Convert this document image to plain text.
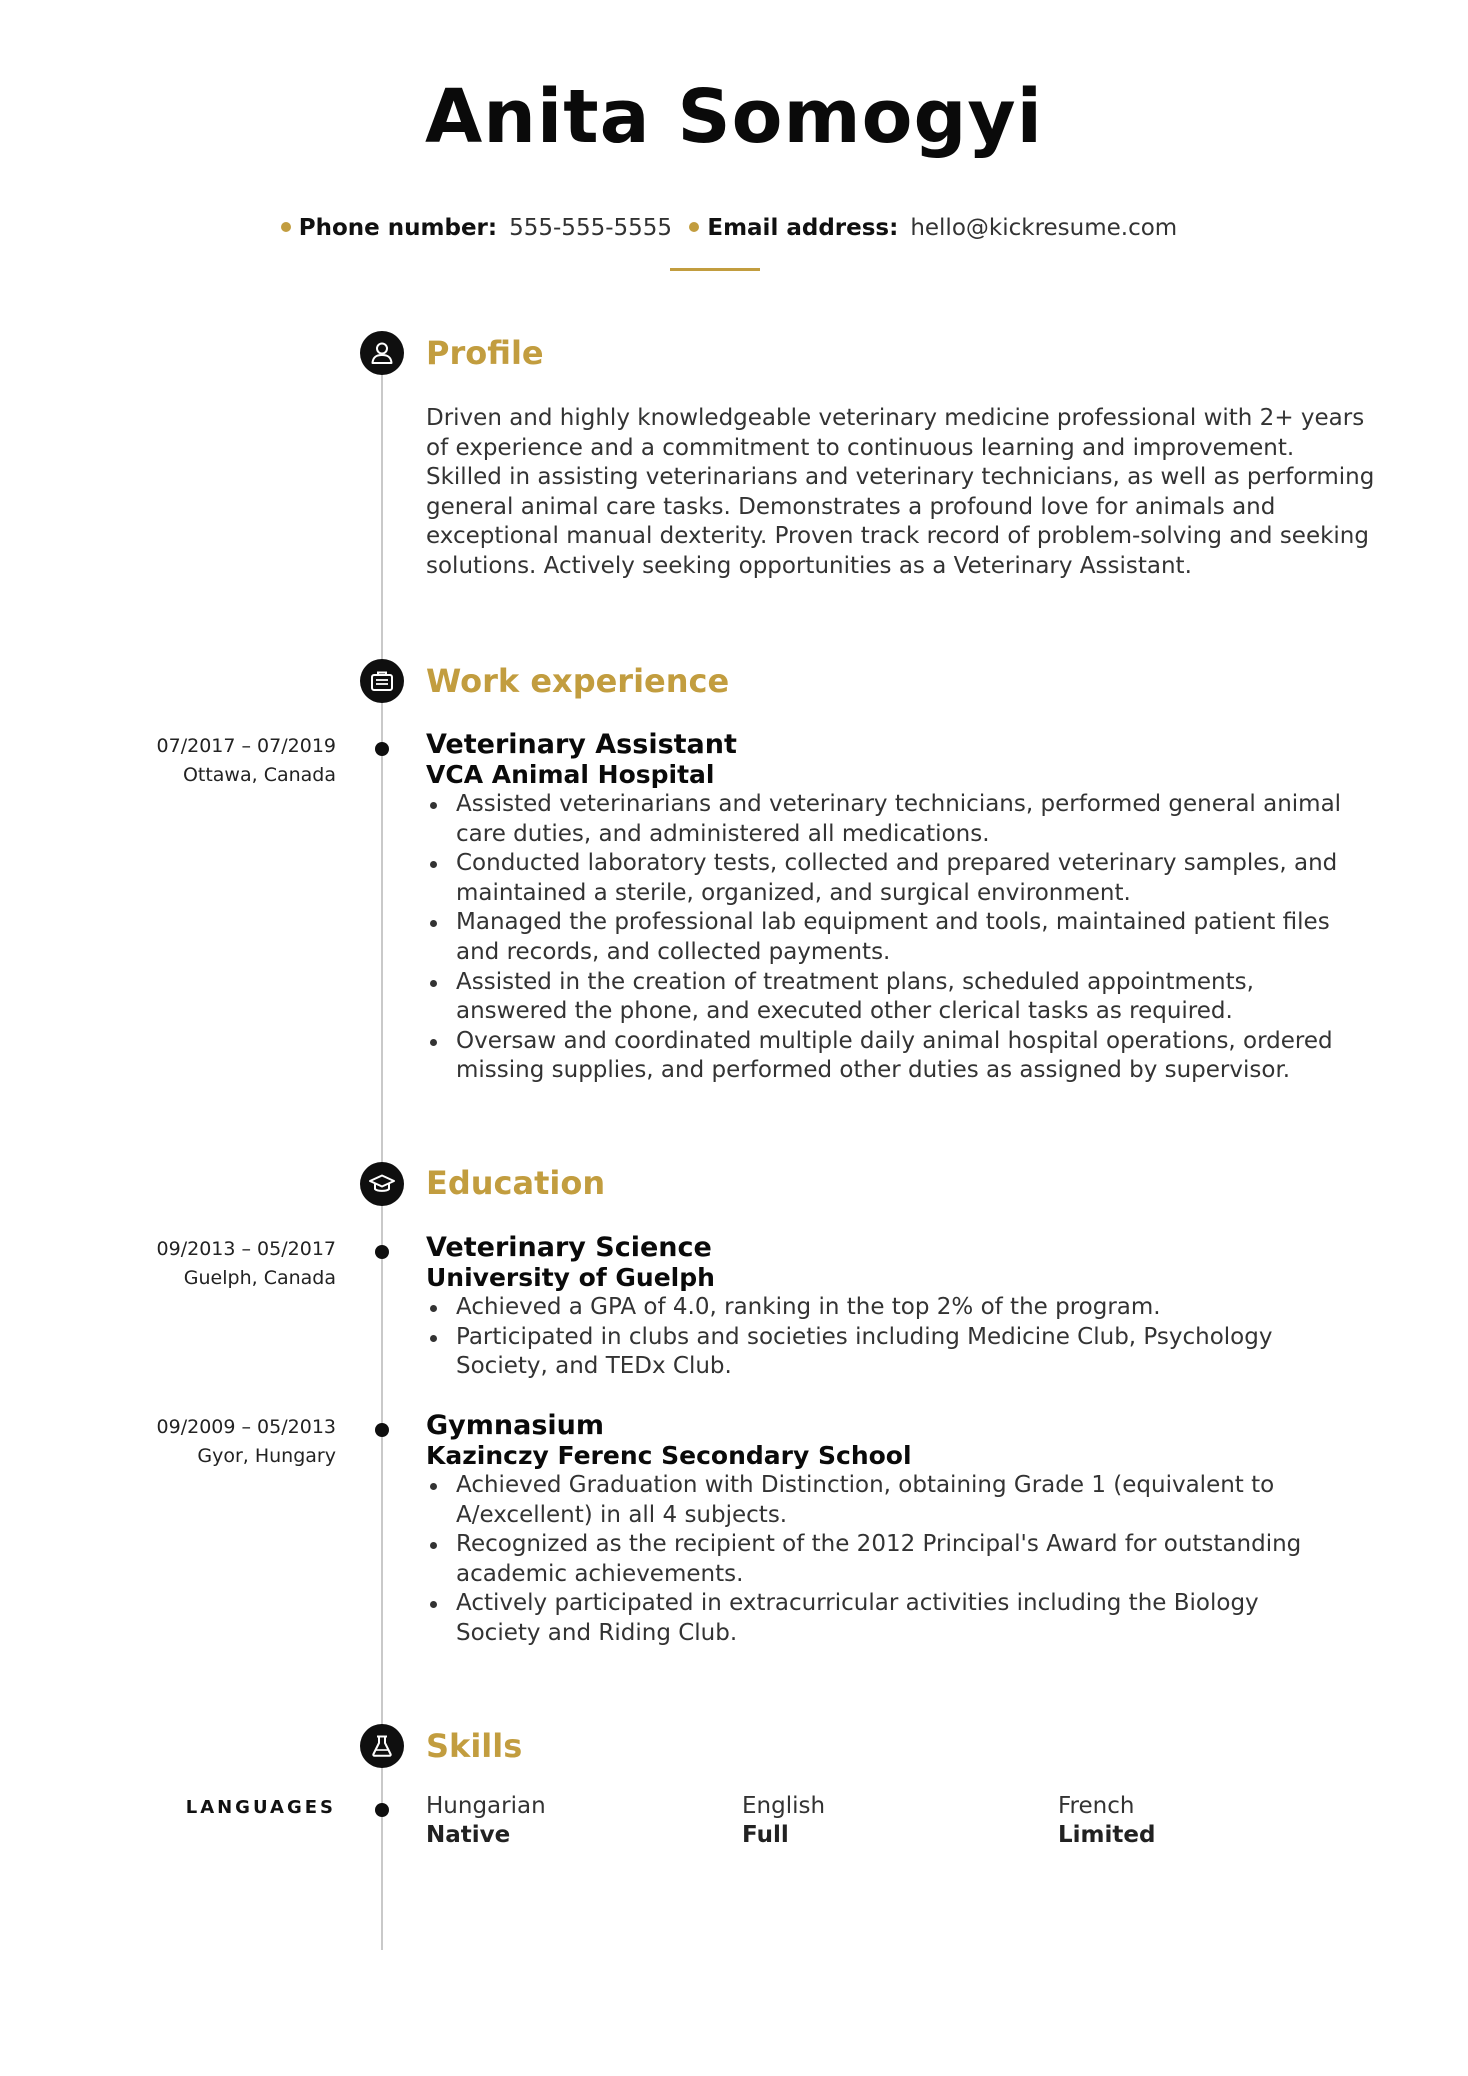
Anita Somogyi
Phone number: 555-555-5555 Email address: hello@kickresume.com
Profile
Driven and highly knowledgeable veterinary medicine professional with 2+ years of experience and a commitment to continuous learning and improvement. Skilled in assisting veterinarians and veterinary technicians, as well as performing general animal care tasks. Demonstrates a profound love for animals and exceptional manual dexterity. Proven track record of problem-solving and seeking solutions. Actively seeking opportunities as a Veterinary Assistant.
Work experience
07/2017 – 07/2019
Ottawa, Canada
Veterinary Assistant
VCA Animal Hospital
Assisted veterinarians and veterinary technicians, performed general animal care duties, and administered all medications.
Conducted laboratory tests, collected and prepared veterinary samples, and maintained a sterile, organized, and surgical environment.
Managed the professional lab equipment and tools, maintained patient files and records, and collected payments.
Assisted in the creation of treatment plans, scheduled appointments, answered the phone, and executed other clerical tasks as required.
Oversaw and coordinated multiple daily animal hospital operations, ordered missing supplies, and performed other duties as assigned by supervisor.
Education
09/2013 – 05/2017
Guelph, Canada
Veterinary Science
University of Guelph
Achieved a GPA of 4.0, ranking in the top 2% of the program.
Participated in clubs and societies including Medicine Club, Psychology Society, and TEDx Club.
09/2009 – 05/2013
Gyor, Hungary
Gymnasium
Kazinczy Ferenc Secondary School
Achieved Graduation with Distinction, obtaining Grade 1 (equivalent to A/excellent) in all 4 subjects.
Recognized as the recipient of the 2012 Principal's Award for outstanding academic achievements.
Actively participated in extracurricular activities including the Biology Society and Riding Club.
Skills
LANGUAGES	Hungarian
Native
English
Full
French
Limited
